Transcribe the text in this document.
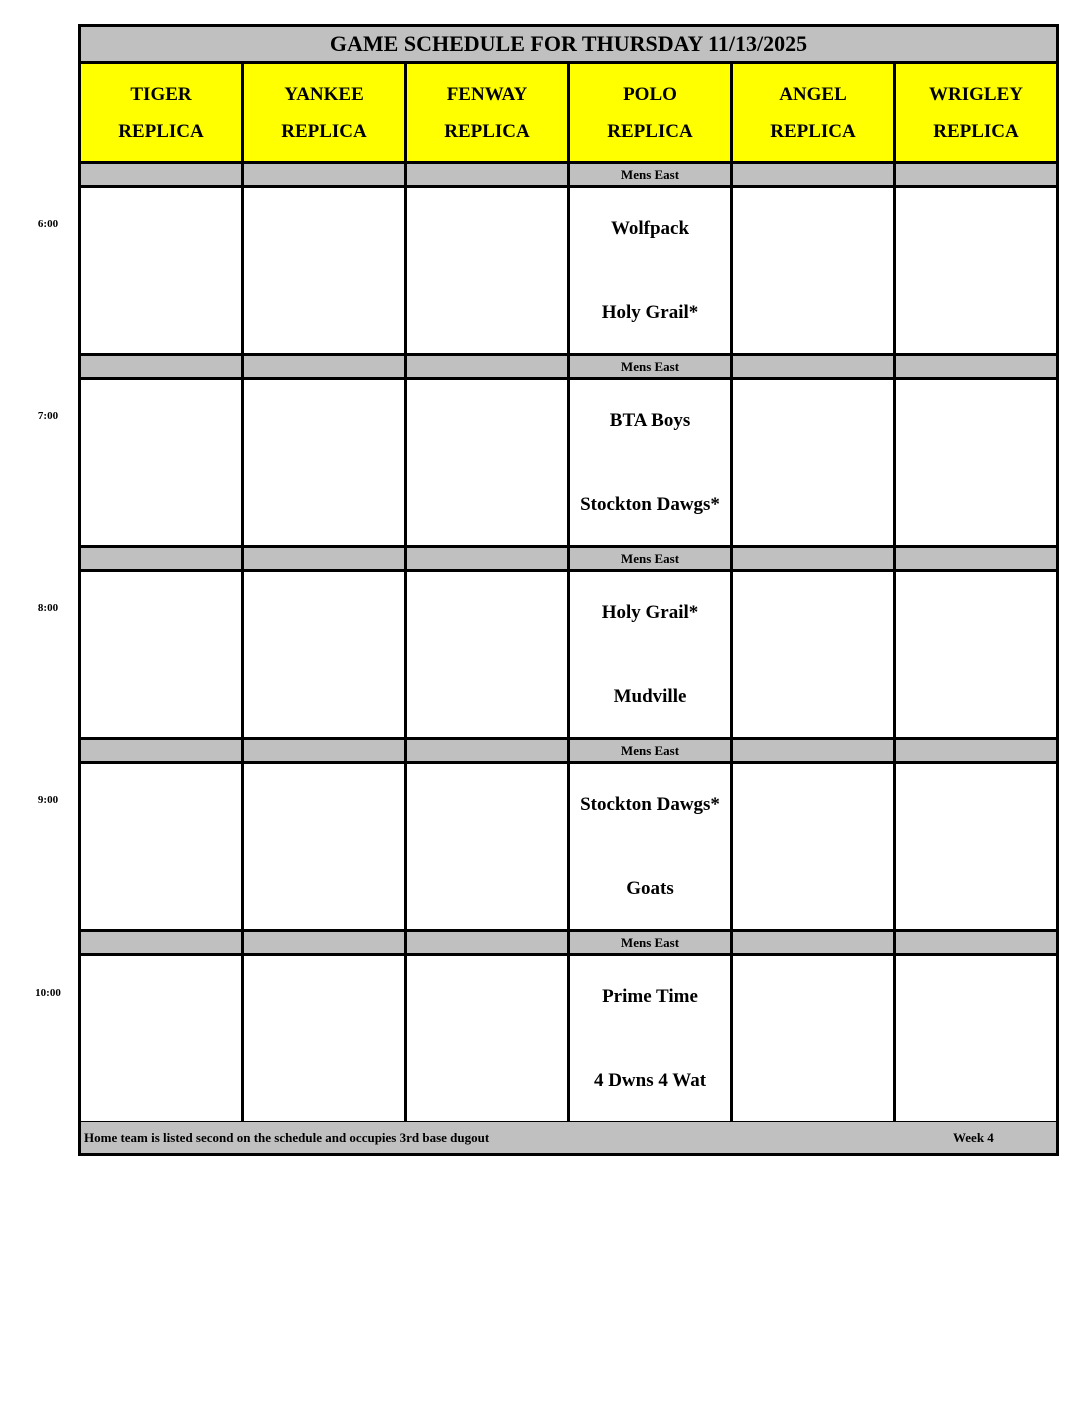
GAME SCHEDULE FOR THURSDAY 11/13/2025
TIGER
REPLICA
YANKEE
REPLICA
FENWAY
REPLICA
POLO
REPLICA
ANGEL
REPLICA
WRIGLEY
REPLICA
Mens East
Wolfpack
Holy Grail*
Mens East
BTA Boys
Stockton Dawgs*
Mens East
Holy Grail*
Mudville
Mens East
Stockton Dawgs*
Goats
Mens East
Prime Time
4 Dwns 4 Wat
Home team is listed second on the schedule and occupies 3rd base dugout	Week 4
6:00
7:00
8:00
9:00
10:00
